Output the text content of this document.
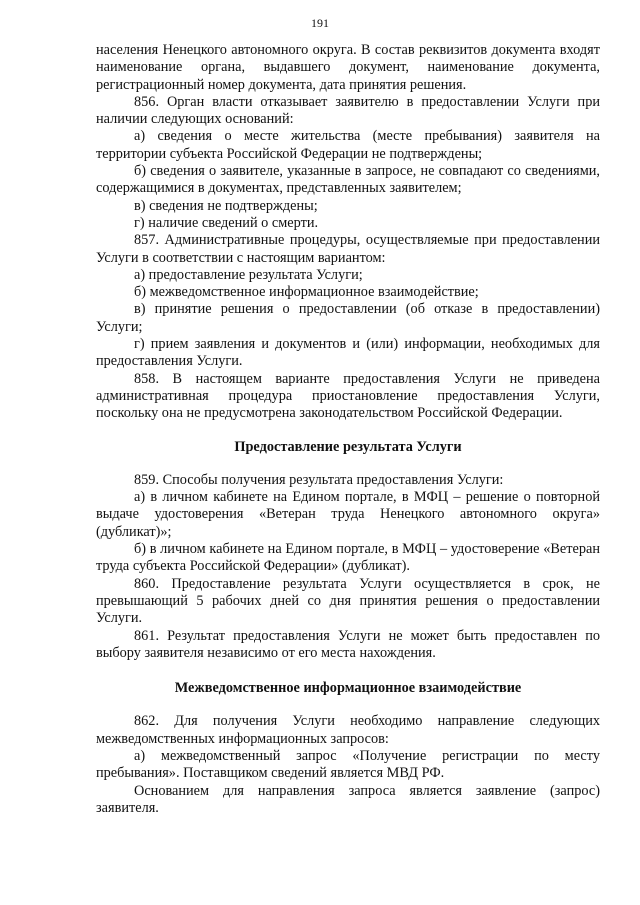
191

населения Ненецкого автономного округа. В состав реквизитов документа входят наименование органа, выдавшего документ, наименование документа, регистрационный номер документа, дата принятия решения.

856. Орган власти отказывает заявителю в предоставлении Услуги при наличии следующих оснований:

а) сведения о месте жительства (месте пребывания) заявителя на территории субъекта Российской Федерации не подтверждены;

б) сведения о заявителе, указанные в запросе, не совпадают со сведениями, содержащимися в документах, представленных заявителем;

в) сведения не подтверждены;

г) наличие сведений о смерти.

857. Административные процедуры, осуществляемые при предоставлении Услуги в соответствии с настоящим вариантом:

а) предоставление результата Услуги;

б) межведомственное информационное взаимодействие;

в) принятие решения о предоставлении (об отказе в предоставлении) Услуги;

г) прием заявления и документов и (или) информации, необходимых для предоставления Услуги.

858. В настоящем варианте предоставления Услуги не приведена административная процедура приостановление предоставления Услуги, поскольку она не предусмотрена законодательством Российской Федерации.

Предоставление результата Услуги

859. Способы получения результата предоставления Услуги:

а) в личном кабинете на Едином портале, в МФЦ – решение о повторной выдаче удостоверения «Ветеран труда Ненецкого автономного округа» (дубликат)»;

б) в личном кабинете на Едином портале, в МФЦ – удостоверение «Ветеран труда субъекта Российской Федерации» (дубликат).

860. Предоставление результата Услуги осуществляется в срок, не превышающий 5 рабочих дней со дня принятия решения о предоставлении Услуги.

861. Результат предоставления Услуги не может быть предоставлен по выбору заявителя независимо от его места нахождения.

Межведомственное информационное взаимодействие

862. Для получения Услуги необходимо направление следующих межведомственных информационных запросов:

а) межведомственный запрос «Получение регистрации по месту пребывания». Поставщиком сведений является МВД РФ.

Основанием для направления запроса является заявление (запрос) заявителя.
